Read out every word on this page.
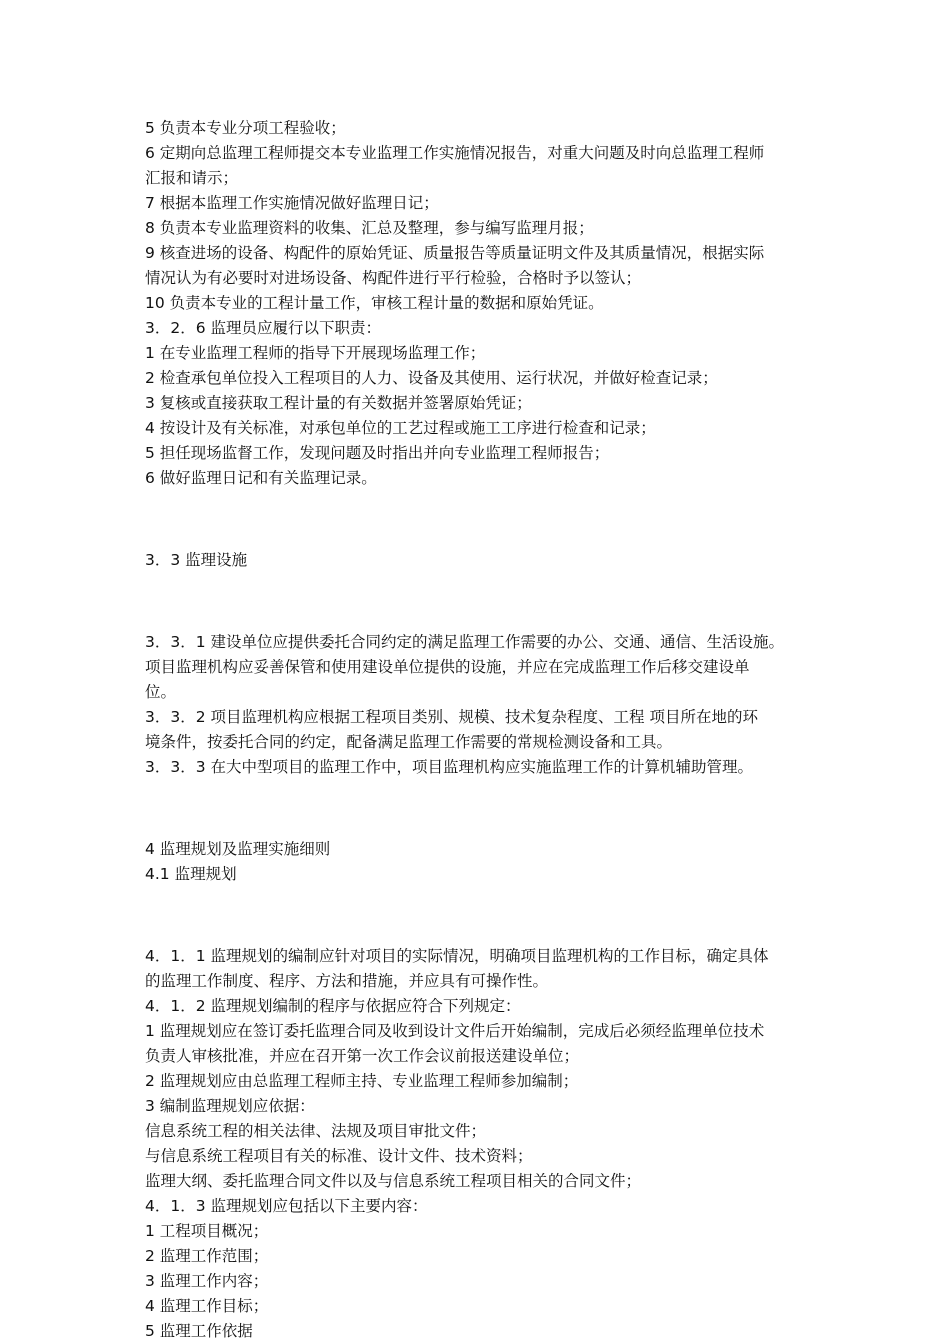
5 负责本专业分项工程验收；

6 定期向总监理工程师提交本专业监理工作实施情况报告，对重大问题及时向总监理工程师

汇报和请示；

7 根据本监理工作实施情况做好监理日记；

8 负责本专业监理资料的收集、汇总及整理，参与编写监理月报；

9 核查进场的设备、构配件的原始凭证、质量报告等质量证明文件及其质量情况，根据实际

情况认为有必要时对进场设备、构配件进行平行检验，合格时予以签认；

10 负责本专业的工程计量工作，审核工程计量的数据和原始凭证。

3．2．6 监理员应履行以下职责：

1 在专业监理工程师的指导下开展现场监理工作；

2 检查承包单位投入工程项目的人力、设备及其使用、运行状况，并做好检查记录；

3 复核或直接获取工程计量的有关数据并签署原始凭证；

4 按设计及有关标准，对承包单位的工艺过程或施工工序进行检查和记录；

5 担任现场监督工作，发现问题及时指出并向专业监理工程师报告；

6 做好监理日记和有关监理记录。

3．3 监理设施

3．3．1 建设单位应提供委托合同约定的满足监理工作需要的办公、交通、通信、生活设施。

项目监理机构应妥善保管和使用建设单位提供的设施，并应在完成监理工作后移交建设单

位。

3．3．2 项目监理机构应根据工程项目类别、规模、技术复杂程度、工程 项目所在地的环

境条件，按委托合同的约定，配备满足监理工作需要的常规检测设备和工具。

3．3．3 在大中型项目的监理工作中，项目监理机构应实施监理工作的计算机辅助管理。

4 监理规划及监理实施细则

4.1 监理规划

4．1．1 监理规划的编制应针对项目的实际情况，明确项目监理机构的工作目标，确定具体

的监理工作制度、程序、方法和措施，并应具有可操作性。

4．1．2 监理规划编制的程序与依据应符合下列规定：

1 监理规划应在签订委托监理合同及收到设计文件后开始编制，完成后必须经监理单位技术

负责人审核批准，并应在召开第一次工作会议前报送建设单位；

2 监理规划应由总监理工程师主持、专业监理工程师参加编制；

3 编制监理规划应依据：

信息系统工程的相关法律、法规及项目审批文件；

与信息系统工程项目有关的标准、设计文件、技术资料；

监理大纲、委托监理合同文件以及与信息系统工程项目相关的合同文件；

4．1．3 监理规划应包括以下主要内容：

1 工程项目概况；

2 监理工作范围；

3 监理工作内容；

4 监理工作目标；

5 监理工作依据
